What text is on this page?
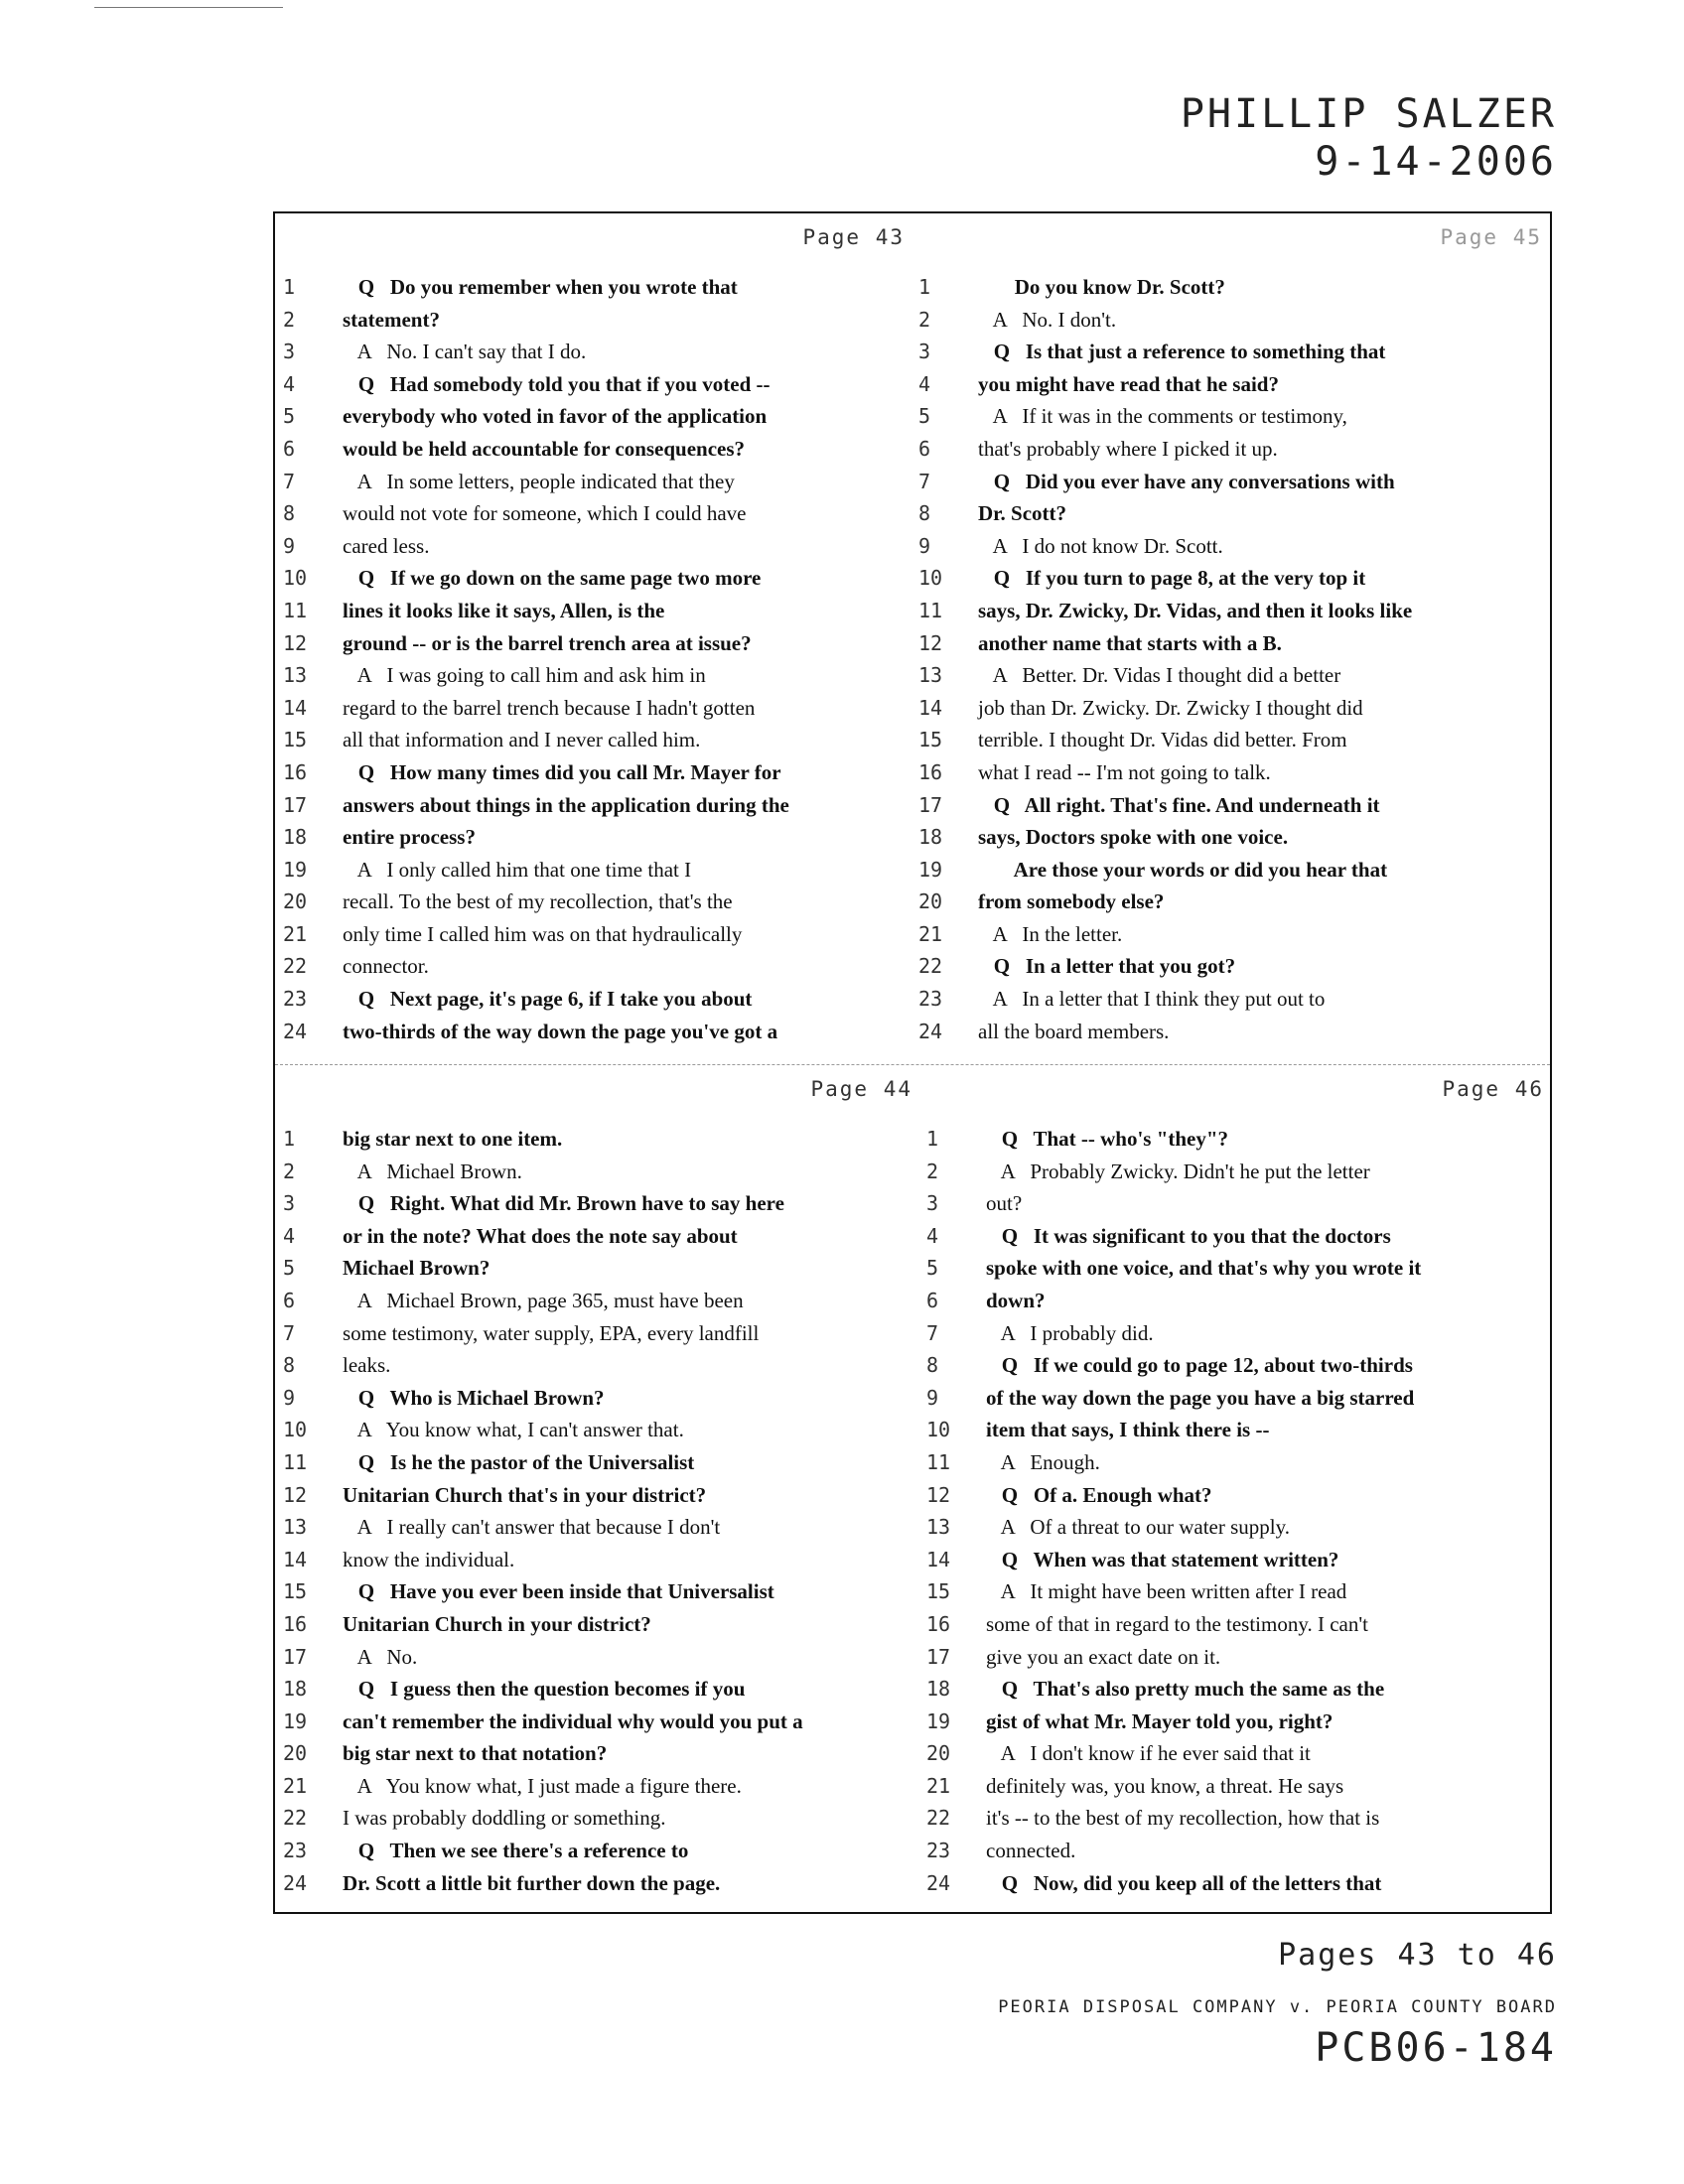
PHILLIP SALZER
9-14-2006
Page 43
1	Q   Do you remember when you wrote that
2	statement?
3	A   No. I can't say that I do.
4	Q   Had somebody told you that if you voted --
5	everybody who voted in favor of the application
6	would be held accountable for consequences?
7	A   In some letters, people indicated that they
8	would not vote for someone, which I could have
9	cared less.
10	Q   If we go down on the same page two more
11	lines it looks like it says, Allen, is the
12	ground -- or is the barrel trench area at issue?
13	A   I was going to call him and ask him in
14	regard to the barrel trench because I hadn't gotten
15	all that information and I never called him.
16	Q   How many times did you call Mr. Mayer for
17	answers about things in the application during the
18	entire process?
19	A   I only called him that one time that I
20	recall. To the best of my recollection, that's the
21	only time I called him was on that hydraulically
22	connector.
23	Q   Next page, it's page 6, if I take you about
24	two-thirds of the way down the page you've got a
Page 45
1	Do you know Dr. Scott?
2	A   No. I don't.
3	Q   Is that just a reference to something that
4	you might have read that he said?
5	A   If it was in the comments or testimony,
6	that's probably where I picked it up.
7	Q   Did you ever have any conversations with
8	Dr. Scott?
9	A   I do not know Dr. Scott.
10	Q   If you turn to page 8, at the very top it
11	says, Dr. Zwicky, Dr. Vidas, and then it looks like
12	another name that starts with a B.
13	A   Better. Dr. Vidas I thought did a better
14	job than Dr. Zwicky. Dr. Zwicky I thought did
15	terrible. I thought Dr. Vidas did better. From
16	what I read -- I'm not going to talk.
17	Q   All right. That's fine. And underneath it
18	says, Doctors spoke with one voice.
19	Are those your words or did you hear that
20	from somebody else?
21	A   In the letter.
22	Q   In a letter that you got?
23	A   In a letter that I think they put out to
24	all the board members.
Page 44
1	big star next to one item.
2	A   Michael Brown.
3	Q   Right. What did Mr. Brown have to say here
4	or in the note? What does the note say about
5	Michael Brown?
6	A   Michael Brown, page 365, must have been
7	some testimony, water supply, EPA, every landfill
8	leaks.
9	Q   Who is Michael Brown?
10	A   You know what, I can't answer that.
11	Q   Is he the pastor of the Universalist
12	Unitarian Church that's in your district?
13	A   I really can't answer that because I don't
14	know the individual.
15	Q   Have you ever been inside that Universalist
16	Unitarian Church in your district?
17	A   No.
18	Q   I guess then the question becomes if you
19	can't remember the individual why would you put a
20	big star next to that notation?
21	A   You know what, I just made a figure there.
22	I was probably doddling or something.
23	Q   Then we see there's a reference to
24	Dr. Scott a little bit further down the page.
Page 46
1	Q   That -- who's "they"?
2	A   Probably Zwicky. Didn't he put the letter
3	out?
4	Q   It was significant to you that the doctors
5	spoke with one voice, and that's why you wrote it
6	down?
7	A   I probably did.
8	Q   If we could go to page 12, about two-thirds
9	of the way down the page you have a big starred
10	item that says, I think there is --
11	A   Enough.
12	Q   Of a. Enough what?
13	A   Of a threat to our water supply.
14	Q   When was that statement written?
15	A   It might have been written after I read
16	some of that in regard to the testimony. I can't
17	give you an exact date on it.
18	Q   That's also pretty much the same as the
19	gist of what Mr. Mayer told you, right?
20	A   I don't know if he ever said that it
21	definitely was, you know, a threat. He says
22	it's -- to the best of my recollection, how that is
23	connected.
24	Q   Now, did you keep all of the letters that
Pages 43 to 46
PEORIA DISPOSAL COMPANY v. PEORIA COUNTY BOARD
PCB06-184
